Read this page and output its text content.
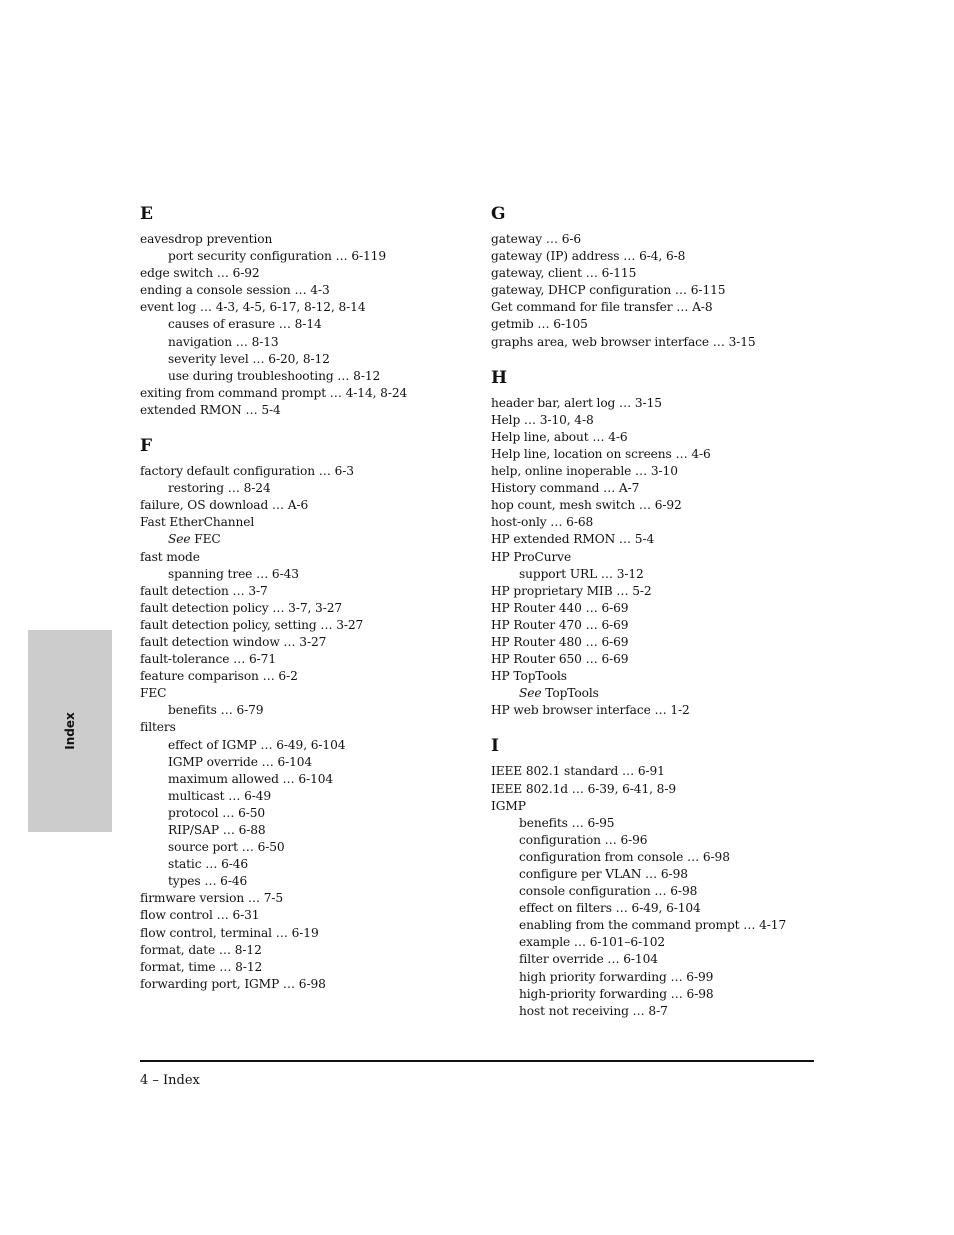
Index
E
eavesdrop prevention
port security configuration … 6-119
edge switch … 6-92
ending a console session … 4-3
event log … 4-3, 4-5, 6-17, 8-12, 8-14
causes of erasure … 8-14
navigation … 8-13
severity level … 6-20, 8-12
use during troubleshooting … 8-12
exiting from command prompt … 4-14, 8-24
extended RMON … 5-4
F
factory default configuration … 6-3
restoring … 8-24
failure, OS download … A-6
Fast EtherChannel
See FEC
fast mode
spanning tree … 6-43
fault detection … 3-7
fault detection policy … 3-7, 3-27
fault detection policy, setting … 3-27
fault detection window … 3-27
fault-tolerance … 6-71
feature comparison … 6-2
FEC
benefits … 6-79
filters
effect of IGMP … 6-49, 6-104
IGMP override … 6-104
maximum allowed … 6-104
multicast … 6-49
protocol … 6-50
RIP/SAP … 6-88
source port … 6-50
static … 6-46
types … 6-46
firmware version … 7-5
flow control … 6-31
flow control, terminal … 6-19
format, date … 8-12
format, time … 8-12
forwarding port, IGMP … 6-98
G
gateway … 6-6
gateway (IP) address … 6-4, 6-8
gateway, client … 6-115
gateway, DHCP configuration … 6-115
Get command for file transfer … A-8
getmib … 6-105
graphs area, web browser interface … 3-15
H
header bar, alert log … 3-15
Help … 3-10, 4-8
Help line, about … 4-6
Help line, location on screens … 4-6
help, online inoperable … 3-10
History command … A-7
hop count, mesh switch … 6-92
host-only … 6-68
HP extended RMON … 5-4
HP ProCurve
support URL … 3-12
HP proprietary MIB … 5-2
HP Router 440 … 6-69
HP Router 470 … 6-69
HP Router 480 … 6-69
HP Router 650 … 6-69
HP TopTools
See TopTools
HP web browser interface … 1-2
I
IEEE 802.1 standard … 6-91
IEEE 802.1d … 6-39, 6-41, 8-9
IGMP
benefits … 6-95
configuration … 6-96
configuration from console … 6-98
configure per VLAN … 6-98
console configuration … 6-98
effect on filters … 6-49, 6-104
enabling from the command prompt … 4-17
example … 6-101–6-102
filter override … 6-104
high priority forwarding … 6-99
high-priority forwarding … 6-98
host not receiving … 8-7
4 – Index
